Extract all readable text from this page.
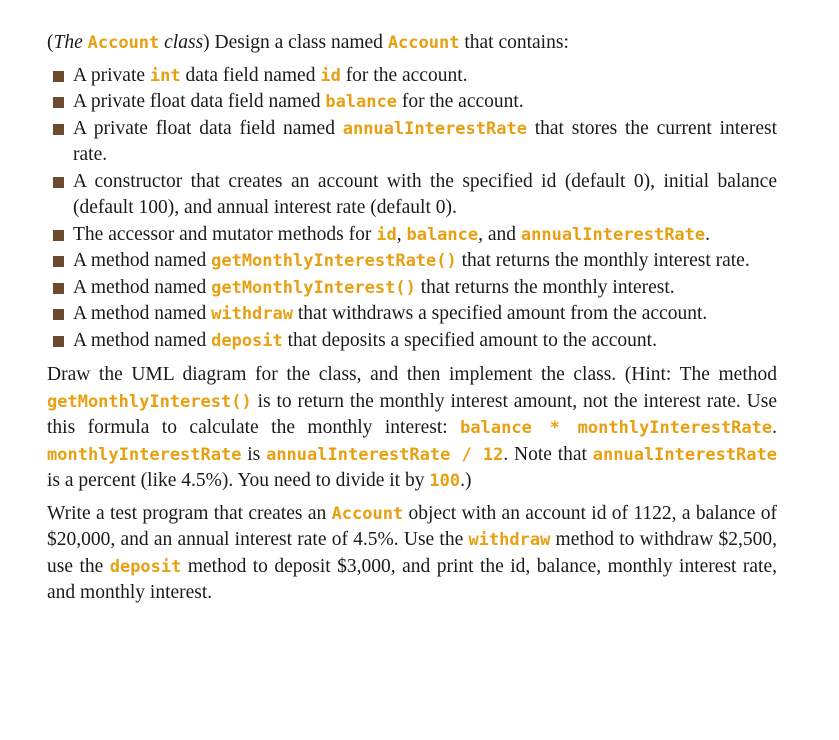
(The Account class) Design a class named Account that contains:

A private int data field named id for the account.
A private float data field named balance for the account.
A private float data field named annualInterestRate that stores the current interest rate.
A constructor that creates an account with the specified id (default 0), initial balance (default 100), and annual interest rate (default 0).
The accessor and mutator methods for id, balance, and annualInterestRate.
A method named getMonthlyInterestRate() that returns the monthly interest rate.
A method named getMonthlyInterest() that returns the monthly interest.
A method named withdraw that withdraws a specified amount from the account.
A method named deposit that deposits a specified amount to the account.

Draw the UML diagram for the class, and then implement the class. (Hint: The method getMonthlyInterest() is to return the monthly interest amount, not the interest rate. Use this formula to calculate the monthly interest: balance * monthlyInterestRate. monthlyInterestRate is annualInterestRate / 12. Note that annualInterestRate is a percent (like 4.5%). You need to divide it by 100.)

Write a test program that creates an Account object with an account id of 1122, a balance of $20,000, and an annual interest rate of 4.5%. Use the withdraw method to withdraw $2,500, use the deposit method to deposit $3,000, and print the id, balance, monthly interest rate, and monthly interest.
